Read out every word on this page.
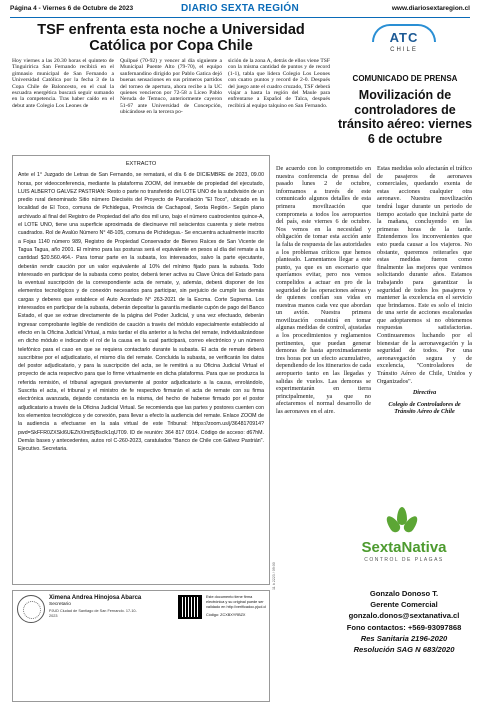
Página 4 - Viernes 6 de Octubre de 2023	DIARIO SEXTA REGIÓN	www.diariosextaregion.cl
TSF enfrenta esta noche a Universidad Católica por Copa Chile
Hoy viernes a las 20.30 horas el quinteto de Tinguiririca San Fernando recibirá en el gimnasio municipal de San Fernando a Universidad Católica por la fecha 3 de la Copa Chile de Baloncesto, en el cual la escuadra energética buscará seguir sumando en la competencia. Tras haber caído en el debut ante Colegio Los Leones de
Quilpué (70-92) y vencer al día siguiente a Municipal Puente Alto (79-70), el equipo sanfernandino dirigido por Pablo Gatica dejó buenas sensaciones en sus primeros partidos del torneo de apertura, ahora recibe a la UC quienes vencieron por 72-58 a Liceo Pablo Neruda de Temuco, anteriormente cayeron 51-67 ante Universidad de Concepción, ubicándose en la tercera po-
sición de la zona A, detrás de ellos viene TSF con la misma cantidad de puntos y de record (1-1), tabla que lidera Colegio Los Leones con cuatro puntos y record de 2-0. Después del juego ante el cuadro cruzado, TSF deberá viajar a hasta la región del Maule para enfrentarse a Español de Talca, después recibirá al equipo talquino en San Fernando.
ATC
CHILE
COMUNICADO DE PRENSA
Movilización de controladores de tránsito aéreo: viernes 6 de octubre
EXTRACTO

Ante el 1° Juzgado de Letras de San Fernando, se rematará, el día 6 de DICIEMBRE de 2023, 09.00 horas, por videoconferencia, mediante la plataforma ZOOM, del inmueble de propiedad del ejecutado, LUIS ALBERTO GALVEZ PASTRIAN: Resto o parte no transferido del LOTE UNO de la subdivisión de un predio rural denominado Sitio número Dieciséis del Proyecto de Parcelación "El Toco", ubicado en la localidad de El Toco, comuna de Pichidegua, Provincia de Cachapoal, Sexta Región.- Según plano archivado al final del Registro de Propiedad del año dos mil uno, bajo el número cuatrocientos quince-A, el LOTE UNO, tiene una superficie aproximada de diecinueve mil seiscientos cuarenta y siete metros cuadrados. Rol de Avalúo Número N° 48-105, comuna de Pichidegua.- Se encuentra actualmente inscrito a Fojas 1140 número 989, Registro de Propiedad Conservador de Bienes Raíces de San Vicente de Tagua Tagua, año 2001. El mínimo para las posturas será el equivalente en pesos al día del remate a la cantidad $20.560.464.- Para tomar parte en la subasta, los interesados, salvo la parte ejecutante, deberán rendir caución por un valor equivalente al 10% del mínimo fijado para la subasta. Todo interesado en participar de la subasta como postor, deberá tener activa su Clave Única del Estado para la eventual suscripción de la correspondiente acta de remate, y, además, deberá disponer de los elementos tecnológicos y de conexión necesarios para participar, sin perjuicio de cumplir las demás cargas y deberes que establece el Auto Acordado N° 263-2021 de la Excma. Corte Suprema. Los interesados en participar de la subasta, deberán depositar la garantía mediante cupón de pago del Banco Estado, el que se extrae directamente de la página del Poder Judicial, y una vez efectuado, deberán ingresar comprobante legible de rendición de caución a través del módulo especialmente establecido al efecto en la Oficina Judicial Virtual, a más tardar el día anterior a la fecha del remate, individualizándose en dicho módulo e indicando el rol de la causa en la cual participará, correo electrónico y un número telefónico para el caso en que se requiera contactarlo durante la subasta. El acta de remate deberá suscribirse por el adjudicatario, el mismo día del remate. Concluida la subasta, se verificarán los datos del postor adjudicatario, y para la suscripción del acta, se le remitirá a su Oficina Judicial Virtual el proyecto de acta respectivo para que lo firme virtualmente en dicha plataforma. Para que se produzca la referida remisión, el tribunal agregará previamente al postor adjudicatario a la causa, enrolándolo, Suscrita el acta, el tribunal y el ministro de fe respectivo firmarán el acta de remate con su firma electrónica avanzada, dejando constancia en la misma, del hecho de haberse firmado por el postor adjudicatario a través de la Oficina Judicial Virtual. Se recomienda que las partes y postores cuenten con los elementos tecnológicos y de conexión, para llevar a efecto la audiencia del remate. Enlace ZOOM de la audiencia a efectuarse en la sala virtual de este Tribunal: https://zoom.us/j/3648170914?pwd=SkFFR0ZXSkl6UEZhXlmtSjBsclk1qUT09. ID de reunión: 364 817 0914. Código de acceso: d67hM. Demás bases y antecedentes, autos rol C-260-2023, caratulados "Banco de Chile con Gálvez Pastrián". Ejecutivo. Secretaria.

De acuerdo con lo comprometido en nuestra conferencia de prensa del pasado lunes 2 de octubre, informamos a través de este comunicado algunos detalles de esta primera movilización que comprometa a todos los aeropuertos del país, este viernes 6 de octubre. Nos vemos en la necesidad y obligación de tomar esta acción ante la falta de respuesta de las autoridades a los problemas críticos que hemos planteado. Lamentamos llegar a este punto, ya que es un escenario que queríamos evitar, pero nos vemos compelidos a actuar en pro de la seguridad de las operaciones aéreas y de quienes confían sus vidas en nuestras manos cada vez que abordan un avión. Nuestra primera movilización consistirá en tomar algunas medidas de control, ajustadas a los procedimientos y reglamentos pertinentes, que puedan generar demoras de hasta aproximadamente tres horas por un efecto acumulativo, dependiendo de los itinerarios de cada aeropuerto tanto en las llegadas y salidas de vuelos. Las demoras se experimentarán en tierra principalmente, ya que no afectaremos el normal desarrollo de las aeronaves en el aire.
Estas medidas solo afectarán el tráfico de pasajeros de aeronaves comerciales, quedando exenta de estas acciones cualquier otra aeronave. Nuestra movilización tendrá lugar durante un periodo de tiempo acotado que incluirá parte de la mañana, concluyendo en las primeras horas de la tarde. Entendemos los inconvenientes que esto pueda causar a los viajeros. No obstante, queremos reiterarles que estas medidas fueron como finalmente las mejores que venimos solicitando durante años. Estamos trabajando para garantizar la seguridad de todos los pasajeros y mantener la excelencia en el servicio que brindamos. Este es solo el inicio de una serie de acciones escalonadas que adoptaremos si no obtenemos respuestas satisfactorias. Continuaremos luchando por el bienestar de la aeronavegación y la seguridad de todos. Por una aeronavegación segura y de excelencia, "Controladores de Tránsito Aéreo de Chile, Unidos y Organizados".
Directiva
Colegio de Controladores de Tránsito Aéreo de Chile
11 b 2223 / 09:00
Ximena Andrea Hinojosa Abarca
Secretario
PJUD Ciudad de Santiago de San Fernando. 17-10-2023
Este documento tiene firma electrónica y su original puede ser validado en http://verificadoc.pjud.cl
Código: ZCXBXYRBZX
SextaNativa
CONTROL DE PLAGAS
Gonzalo Donoso T.
Gerente Comercial
gonzalo.donos@sextanativa.cl
Fono contactos: +569-93097868
Res Sanitaria 2196-2020
Resolución SAG N 683/2020
